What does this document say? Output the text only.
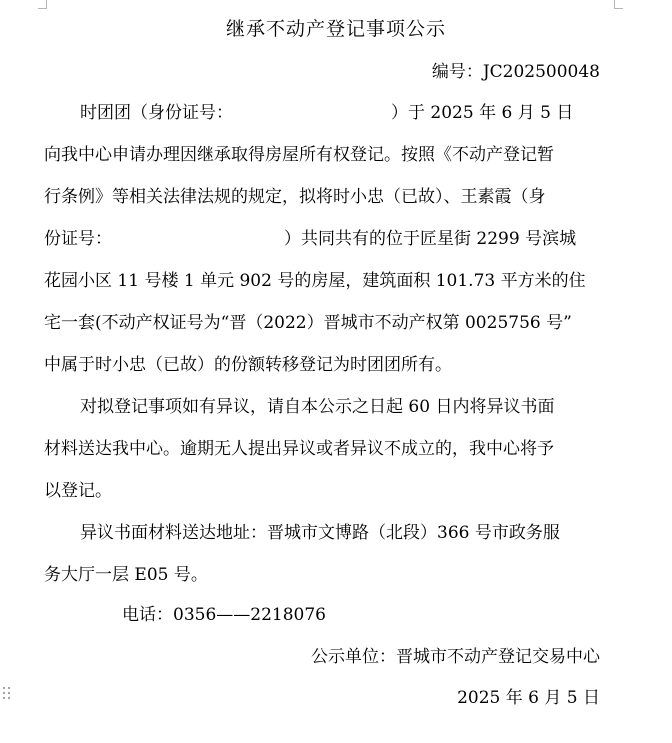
继承不动产登记事项公示
编号：JC202500048
时团团（身份证号：	）于 2025 年 6 月 5 日
向我中心申请办理因继承取得房屋所有权登记。按照《不动产登记暂
行条例》等相关法律法规的规定，拟将时小忠（已故）、王素霞（身
份证号：	）共同共有的位于匠星街 2299 号滨城
花园小区 11 号楼 1 单元 902 号的房屋，建筑面积 101.73 平方米的住
宅一套(不动产权证号为“晋（2022）晋城市不动产权第 0025756 号”
中属于时小忠（已故）的份额转移登记为时团团所有。
对拟登记事项如有异议，请自本公示之日起 60 日内将异议书面
材料送达我中心。逾期无人提出异议或者异议不成立的，我中心将予
以登记。
异议书面材料送达地址：晋城市文博路（北段）366 号市政务服
务大厅一层 E05 号。
电话：0356——2218076
公示单位：晋城市不动产登记交易中心
2025 年 6 月 5 日
